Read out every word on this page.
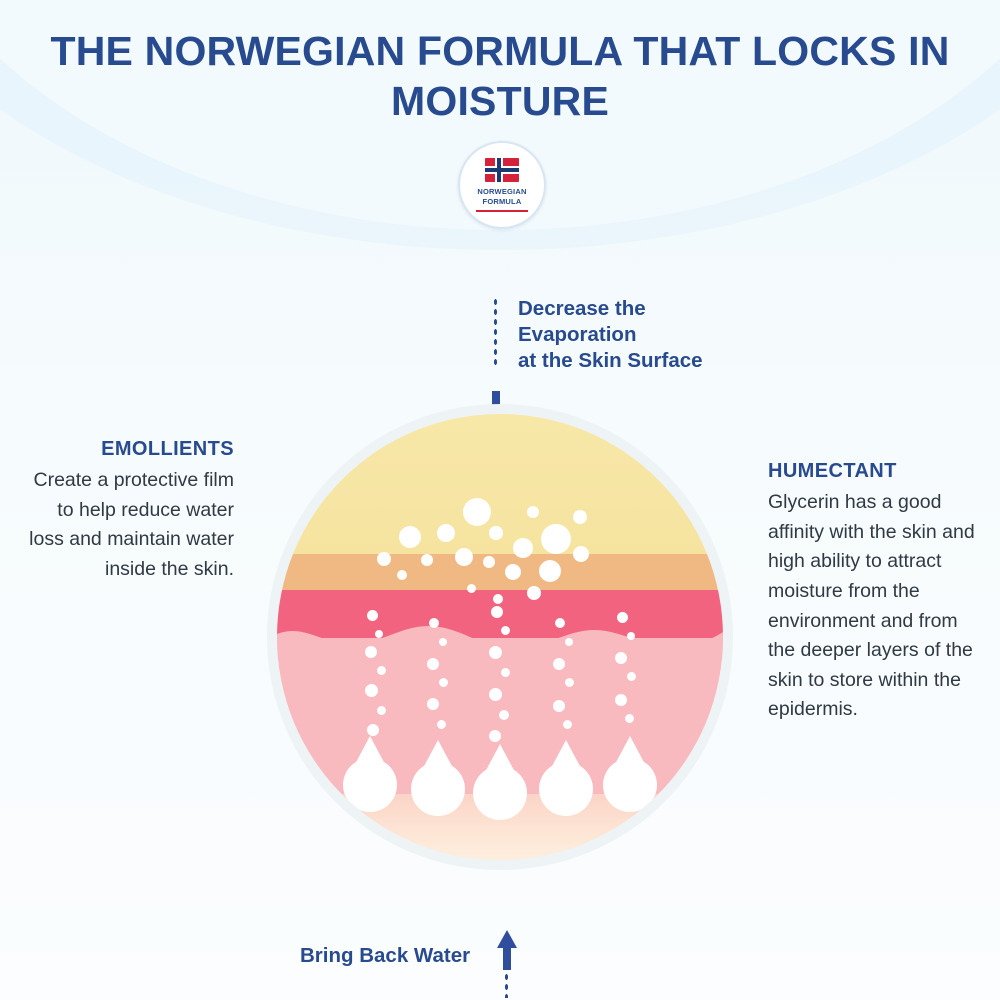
THE NORWEGIAN FORMULA THAT LOCKS IN MOISTURE
NORWEGIAN
FORMULA
Decrease the
Evaporation
at the Skin Surface
EMOLLIENTS
Create a protective film to help reduce water loss and maintain water inside the skin.
HUMECTANT
Glycerin has a good affinity with the skin and high ability to attract moisture from the environment and from the deeper layers of the skin to store within the epidermis.
Bring Back Water
